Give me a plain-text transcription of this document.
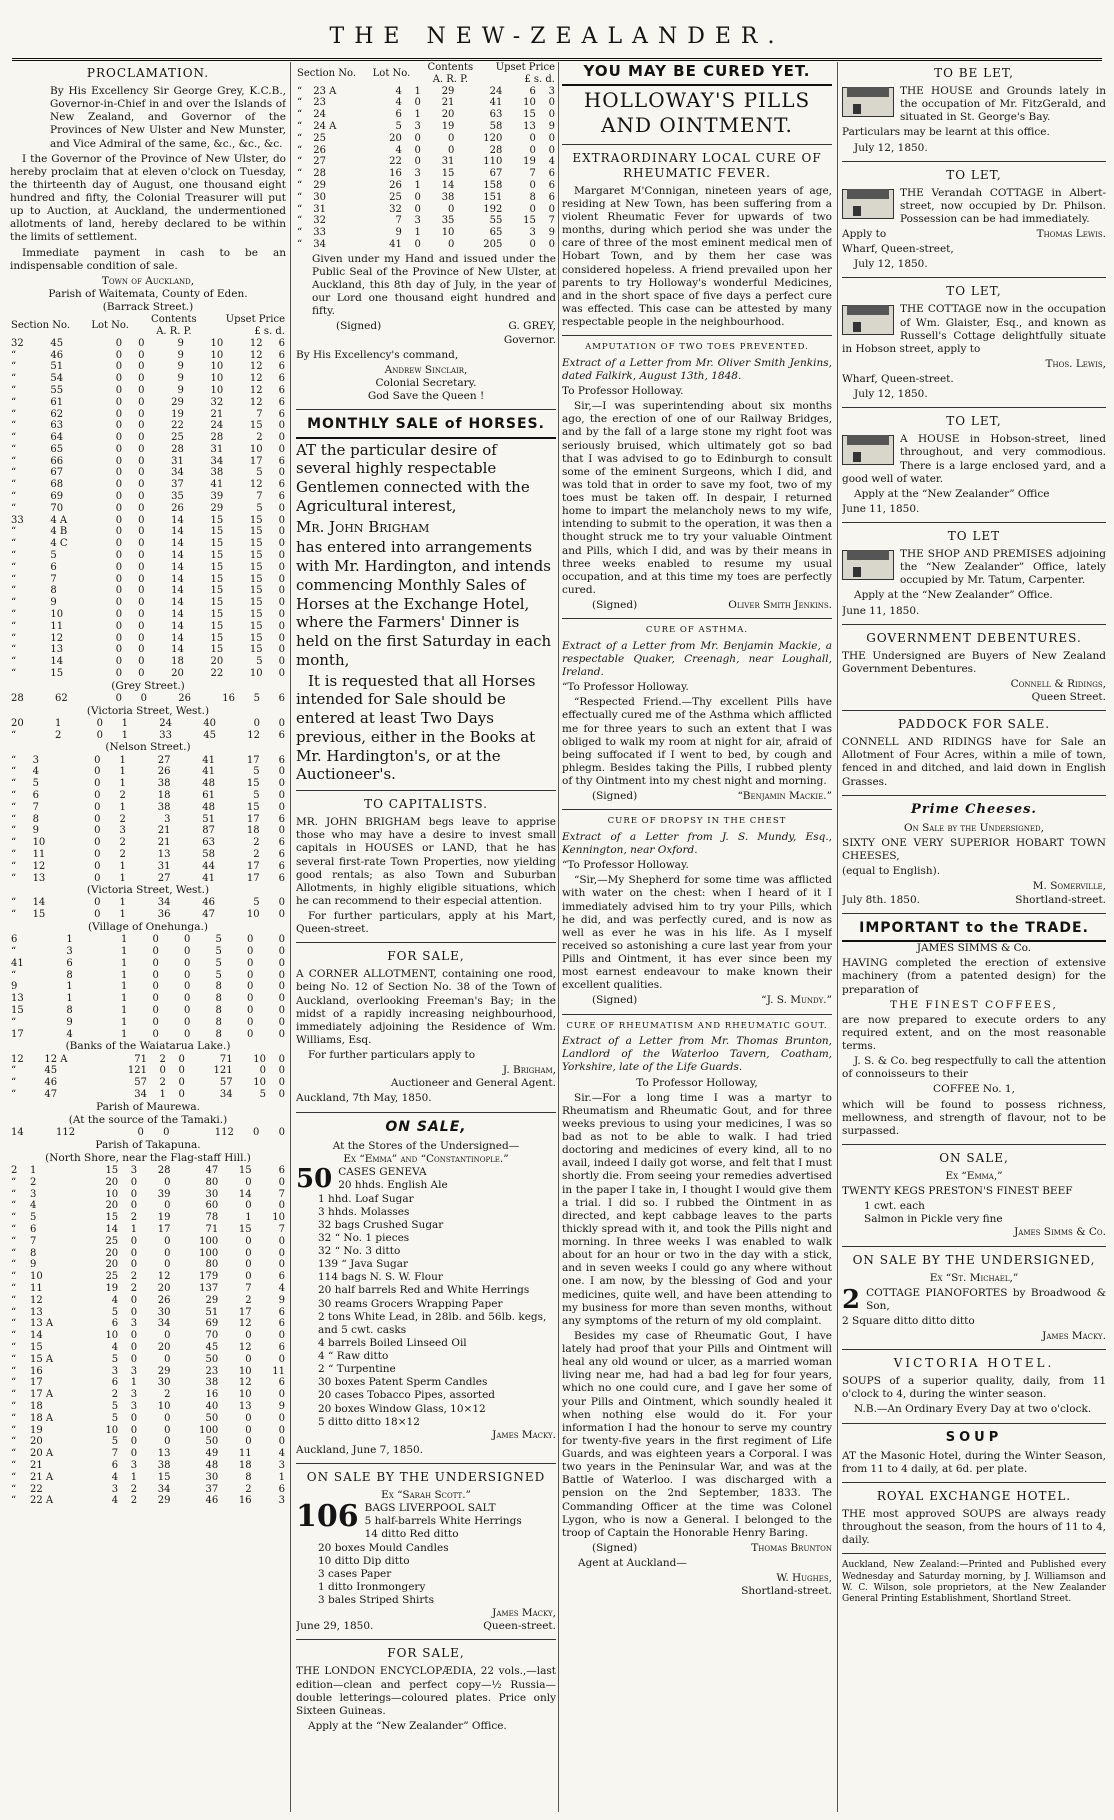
THE NEW-ZEALANDER.
PROCLAMATION.
By His Excellency Sir George Grey, K.C.B., Governor-in-Chief in and over the Islands of New Zealand, and Governor of the Provinces of New Ulster and New Munster, and Vice Admiral of the same, &c., &c., &c.
I the Governor of the Province of New Ulster, do hereby proclaim that at eleven o'clock on Tuesday, the thirteenth day of August, one thousand eight hundred and fifty, the Colonial Treasurer will put up to Auction, at Auckland, the undermentioned allotments of land, hereby declared to be within the limits of settlement.
Immediate payment in cash to be an indispensable condition of sale.
Town of Auckland,
Parish of Waitemata, County of Eden.
(Barrack Street.)
Section No.	Lot No.	Contents
A. R. P.	Upset Price
£ s. d.
32	45	0	0	9	10	12	6
“	46	0	0	9	10	12	6
“	51	0	0	9	10	12	6
“	54	0	0	9	10	12	6
“	55	0	0	9	10	12	6
“	61	0	0	29	32	12	6
“	62	0	0	19	21	7	6
“	63	0	0	22	24	15	0
“	64	0	0	25	28	2	0
“	65	0	0	28	31	10	0
“	66	0	0	31	34	17	6
“	67	0	0	34	38	5	0
“	68	0	0	37	41	12	6
“	69	0	0	35	39	7	6
“	70	0	0	26	29	5	0
33	4 A	0	0	14	15	15	0
“	4 B	0	0	14	15	15	0
“	4 C	0	0	14	15	15	0
“	5	0	0	14	15	15	0
“	6	0	0	14	15	15	0
“	7	0	0	14	15	15	0
“	8	0	0	14	15	15	0
“	9	0	0	14	15	15	0
“	10	0	0	14	15	15	0
“	11	0	0	14	15	15	0
“	12	0	0	14	15	15	0
“	13	0	0	14	15	15	0
“	14	0	0	18	20	5	0
“	15	0	0	20	22	10	0
(Grey Street.)
28	62	0	0	26	16	5	6
(Victoria Street, West.)
20	1	0	1	24	40	0	0
“	2	0	1	33	45	12	6
(Nelson Street.)
“	3	0	1	27	41	17	6
“	4	0	1	26	41	5	0
“	5	0	1	38	48	15	0
“	6	0	2	18	61	5	0
“	7	0	1	38	48	15	0
“	8	0	2	3	51	17	6
“	9	0	3	21	87	18	0
“	10	0	2	21	63	2	6
“	11	0	2	13	58	2	6
“	12	0	1	31	44	17	6
“	13	0	1	27	41	17	6
(Victoria Street, West.)
“	14	0	1	34	46	5	0
“	15	0	1	36	47	10	0
(Village of Onehunga.)
6	1	1	0	0	5	0	0
“	3	1	0	0	5	0	0
41	6	1	0	0	5	0	0
“	8	1	0	0	5	0	0
9	1	1	0	0	8	0	0
13	1	1	0	0	8	0	0
15	8	1	0	0	8	0	0
“	9	1	0	0	8	0	0
17	4	1	0	0	8	0	0
(Banks of the Waiatarua Lake.)
12	12 A	71	2	0	71	10	0
“	45	121	0	0	121	0	0
“	46	57	2	0	57	10	0
“	47	34	1	0	34	5	0
Parish of Maurewa.
(At the source of the Tamaki.)
14	112	0	0	112	0	0
Parish of Takapuna.
(North Shore, near the Flag-staff Hill.)
2	1	15	3	28	47	15	6
“	2	20	0	0	80	0	0
“	3	10	0	39	30	14	7
“	4	20	0	0	60	0	0
“	5	15	2	19	78	1	10
“	6	14	1	17	71	15	7
“	7	25	0	0	100	0	0
“	8	20	0	0	100	0	0
“	9	20	0	0	80	0	0
“	10	25	2	12	179	0	6
“	11	19	2	20	137	7	4
“	12	4	0	26	29	2	9
“	13	5	0	30	51	17	6
“	13 A	6	3	34	69	12	6
“	14	10	0	0	70	0	0
“	15	4	0	20	45	12	6
“	15 A	5	0	0	50	0	0
“	16	3	3	29	23	10	11
“	17	6	1	30	38	12	6
“	17 A	2	3	2	16	10	0
“	18	5	3	10	40	13	9
“	18 A	5	0	0	50	0	0
“	19	10	0	0	100	0	0
“	20	5	0	0	50	0	0
“	20 A	7	0	13	49	11	4
“	21	6	3	38	48	18	3
“	21 A	4	1	15	30	8	1
“	22	3	2	34	37	2	6
“	22 A	4	2	29	46	16	3
Section No.	Lot No.	Contents
A. R. P.	Upset Price
£ s. d.
“	23 A	4	1	29	24	6	3
“	23	4	0	21	41	10	0
“	24	6	1	20	63	15	0
“	24 A	5	3	19	58	13	9
“	25	20	0	0	120	0	0
“	26	4	0	0	28	0	0
“	27	22	0	31	110	19	4
“	28	16	3	15	67	7	6
“	29	26	1	14	158	0	6
“	30	25	0	38	151	8	6
“	31	32	0	0	192	0	0
“	32	7	3	35	55	15	7
“	33	9	1	10	65	3	9
“	34	41	0	0	205	0	0
Given under my Hand and issued under the Public Seal of the Province of New Ulster, at Auckland, this 8th day of July, in the year of our Lord one thousand eight hundred and fifty.
(Signed)	G. GREY,
Governor.
By His Excellency's command,
Andrew Sinclair,
Colonial Secretary.
God Save the Queen !
MONTHLY SALE of HORSES.
AT the particular desire of several highly respectable Gentlemen connected with the Agricultural interest,
Mr. John Brigham
has entered into arrangements with Mr. Hardington, and intends commencing Monthly Sales of Horses at the Exchange Hotel, where the Farmers' Dinner is held on the first Saturday in each month,
It is requested that all Horses intended for Sale should be entered at least Two Days previous, either in the Books at Mr. Hardington's, or at the Auctioneer's.
TO CAPITALISTS.
MR. JOHN BRIGHAM begs leave to apprise those who may have a desire to invest small capitals in HOUSES or LAND, that he has several first-rate Town Properties, now yielding good rentals; as also Town and Suburban Allotments, in highly eligible situations, which he can recommend to their especial attention.
For further particulars, apply at his Mart, Queen-street.
FOR SALE,
A CORNER ALLOTMENT, containing one rood, being No. 12 of Section No. 38 of the Town of Auckland, overlooking Freeman's Bay; in the midst of a rapidly increasing neighbourhood, immediately adjoining the Residence of Wm. Williams, Esq.
For further particulars apply to
J. Brigham,
Auctioneer and General Agent.
Auckland, 7th May, 1850.
ON SALE,
At the Stores of the Undersigned—
Ex “Emma” and “Constantinople.”
50 CASES GENEVA
20 hhds. English Ale
1 hhd. Loaf Sugar
3 hhds. Molasses
32 bags Crushed Sugar
32 “ No. 1 pieces
32 “ No. 3 ditto
139 “ Java Sugar
114 bags N. S. W. Flour
20 half barrels Red and White Herrings
30 reams Grocers Wrapping Paper
2 tons White Lead, in 28lb. and 56lb. kegs, and 5 cwt. casks
4 barrels Boiled Linseed Oil
4 “ Raw ditto
2 “ Turpentine
30 boxes Patent Sperm Candles
20 cases Tobacco Pipes, assorted
20 boxes Window Glass, 10×12
5 ditto ditto 18×12
James Macky.
Auckland, June 7, 1850.
ON SALE BY THE UNDERSIGNED
Ex “Sarah Scott.”
106 BAGS LIVERPOOL SALT
5 half-barrels White Herrings
14 ditto Red ditto
20 boxes Mould Candles
10 ditto Dip ditto
3 cases Paper
1 ditto Ironmongery
3 bales Striped Shirts
James Macky,
June 29, 1850.	Queen-street.
FOR SALE,
THE LONDON ENCYCLOPÆDIA, 22 vols.,—last edition—clean and perfect copy—½ Russia—double letterings—coloured plates. Price only Sixteen Guineas.
Apply at the “New Zealander” Office.
YOU MAY BE CURED YET.
HOLLOWAY'S PILLS AND OINTMENT.
EXTRAORDINARY LOCAL CURE OF RHEUMATIC FEVER.
Margaret M'Connigan, nineteen years of age, residing at New Town, has been suffering from a violent Rheumatic Fever for upwards of two months, during which period she was under the care of three of the most eminent medical men of Hobart Town, and by them her case was considered hopeless. A friend prevailed upon her parents to try Holloway's wonderful Medicines, and in the short space of five days a perfect cure was effected. This case can be attested by many respectable people in the neighbourhood.
AMPUTATION OF TWO TOES PREVENTED.
Extract of a Letter from Mr. Oliver Smith Jenkins, dated Falkirk, August 13th, 1848.
To Professor Holloway.
Sir,—I was superintending about six months ago, the erection of one of our Railway Bridges, and by the fall of a large stone my right foot was seriously bruised, which ultimately got so bad that I was advised to go to Edinburgh to consult some of the eminent Surgeons, which I did, and was told that in order to save my foot, two of my toes must be taken off. In despair, I returned home to impart the melancholy news to my wife, intending to submit to the operation, it was then a thought struck me to try your valuable Ointment and Pills, which I did, and was by their means in three weeks enabled to resume my usual occupation, and at this time my toes are perfectly cured.
(Signed)	Oliver Smith Jenkins.
CURE OF ASTHMA.
Extract of a Letter from Mr. Benjamin Mackie, a respectable Quaker, Creenagh, near Loughall, Ireland.
“To Professor Holloway.
“Respected Friend.—Thy excellent Pills have effectually cured me of the Asthma which afflicted me for three years to such an extent that I was obliged to walk my room at night for air, afraid of being suffocated if I went to bed, by cough and phlegm. Besides taking the Pills, I rubbed plenty of thy Ointment into my chest night and morning.
(Signed)	“Benjamin Mackie.”
CURE OF DROPSY IN THE CHEST
Extract of a Letter from J. S. Mundy, Esq., Kennington, near Oxford.
“To Professor Holloway.
“Sir,—My Shepherd for some time was afflicted with water on the chest: when I heard of it I immediately advised him to try your Pills, which he did, and was perfectly cured, and is now as well as ever he was in his life. As I myself received so astonishing a cure last year from your Pills and Ointment, it has ever since been my most earnest endeavour to make known their excellent qualities.
(Signed)	“J. S. Mundy.”
CURE OF RHEUMATISM AND RHEUMATIC GOUT.
Extract of a Letter from Mr. Thomas Brunton, Landlord of the Waterloo Tavern, Coatham, Yorkshire, late of the Life Guards.
To Professor Holloway,
Sir.—For a long time I was a martyr to Rheumatism and Rheumatic Gout, and for three weeks previous to using your medicines, I was so bad as not to be able to walk. I had tried doctoring and medicines of every kind, all to no avail, indeed I daily got worse, and felt that I must shortly die. From seeing your remedies advertised in the paper I take in, I thought I would give them a trial. I did so. I rubbed the Ointment in as directed, and kept cabbage leaves to the parts thickly spread with it, and took the Pills night and morning. In three weeks I was enabled to walk about for an hour or two in the day with a stick, and in seven weeks I could go any where without one. I am now, by the blessing of God and your medicines, quite well, and have been attending to my business for more than seven months, without any symptoms of the return of my old complaint.
Besides my case of Rheumatic Gout, I have lately had proof that your Pills and Ointment will heal any old wound or ulcer, as a married woman living near me, had had a bad leg for four years, which no one could cure, and I gave her some of your Pills and Ointment, which soundly healed it when nothing else would do it. For your information I had the honour to serve my country for twenty-five years in the first regiment of Life Guards, and was eighteen years a Corporal. I was two years in the Peninsular War, and was at the Battle of Waterloo. I was discharged with a pension on the 2nd September, 1833. The Commanding Officer at the time was Colonel Lygon, who is now a General. I belonged to the troop of Captain the Honorable Henry Baring.
(Signed)	Thomas Brunton
Agent at Auckland—
W. Hughes,
Shortland-street.
TO BE LET,
THE HOUSE and Grounds lately in the occupation of Mr. FitzGerald, and situated in St. George's Bay.
Particulars may be learnt at this office.
July 12, 1850.
TO LET,
THE Verandah COTTAGE in Albert-street, now occupied by Dr. Philson. Possession can be had immediately.
Apply to	Thomas Lewis.
Wharf, Queen-street,
July 12, 1850.
TO LET,
THE COTTAGE now in the occupation of Wm. Glaister, Esq., and known as Russell's Cottage delightfully situate in Hobson street, apply to
Thos. Lewis,
Wharf, Queen-street.
July 12, 1850.
TO LET,
A HOUSE in Hobson-street, lined throughout, and very commodious. There is a large enclosed yard, and a good well of water.
Apply at the “New Zealander” Office
June 11, 1850.
TO LET
THE SHOP AND PREMISES adjoining the “New Zealander” Office, lately occupied by Mr. Tatum, Carpenter.
Apply at the “New Zealander” Office.
June 11, 1850.
GOVERNMENT DEBENTURES.
THE Undersigned are Buyers of New Zealand Government Debentures.
Connell & Ridings,
Queen Street.
PADDOCK FOR SALE.
CONNELL AND RIDINGS have for Sale an Allotment of Four Acres, within a mile of town, fenced in and ditched, and laid down in English Grasses.
Prime Cheeses.
On Sale by the Undersigned,
SIXTY ONE VERY SUPERIOR HOBART TOWN CHEESES,
(equal to English).
M. Somerville,
July 8th. 1850.	Shortland-street.
IMPORTANT to the TRADE.
JAMES SIMMS & Co.
HAVING completed the erection of extensive machinery (from a patented design) for the preparation of
THE FINEST COFFEES,
are now prepared to execute orders to any required extent, and on the most reasonable terms.
J. S. & Co. beg respectfully to call the attention of connoisseurs to their
COFFEE No. 1,
which will be found to possess richness, mellowness, and strength of flavour, not to be surpassed.
ON SALE,
Ex “Emma,”
TWENTY KEGS PRESTON'S FINEST BEEF
1 cwt. each
Salmon in Pickle very fine
James Simms & Co.
ON SALE BY THE UNDERSIGNED,
Ex “St. Michael,”
2 COTTAGE PIANOFORTES by Broadwood & Son,
2 Square ditto ditto ditto
James Macky.
VICTORIA HOTEL.
SOUPS of a superior quality, daily, from 11 o'clock to 4, during the winter season.
N.B.—An Ordinary Every Day at two o'clock.
SOUP
AT the Masonic Hotel, during the Winter Season, from 11 to 4 daily, at 6d. per plate.
ROYAL EXCHANGE HOTEL.
THE most approved SOUPS are always ready throughout the season, from the hours of 11 to 4, daily.
Auckland, New Zealand:—Printed and Published every Wednesday and Saturday morning, by J. Williamson and W. C. Wilson, sole proprietors, at the New Zealander General Printing Establishment, Shortland Street.
